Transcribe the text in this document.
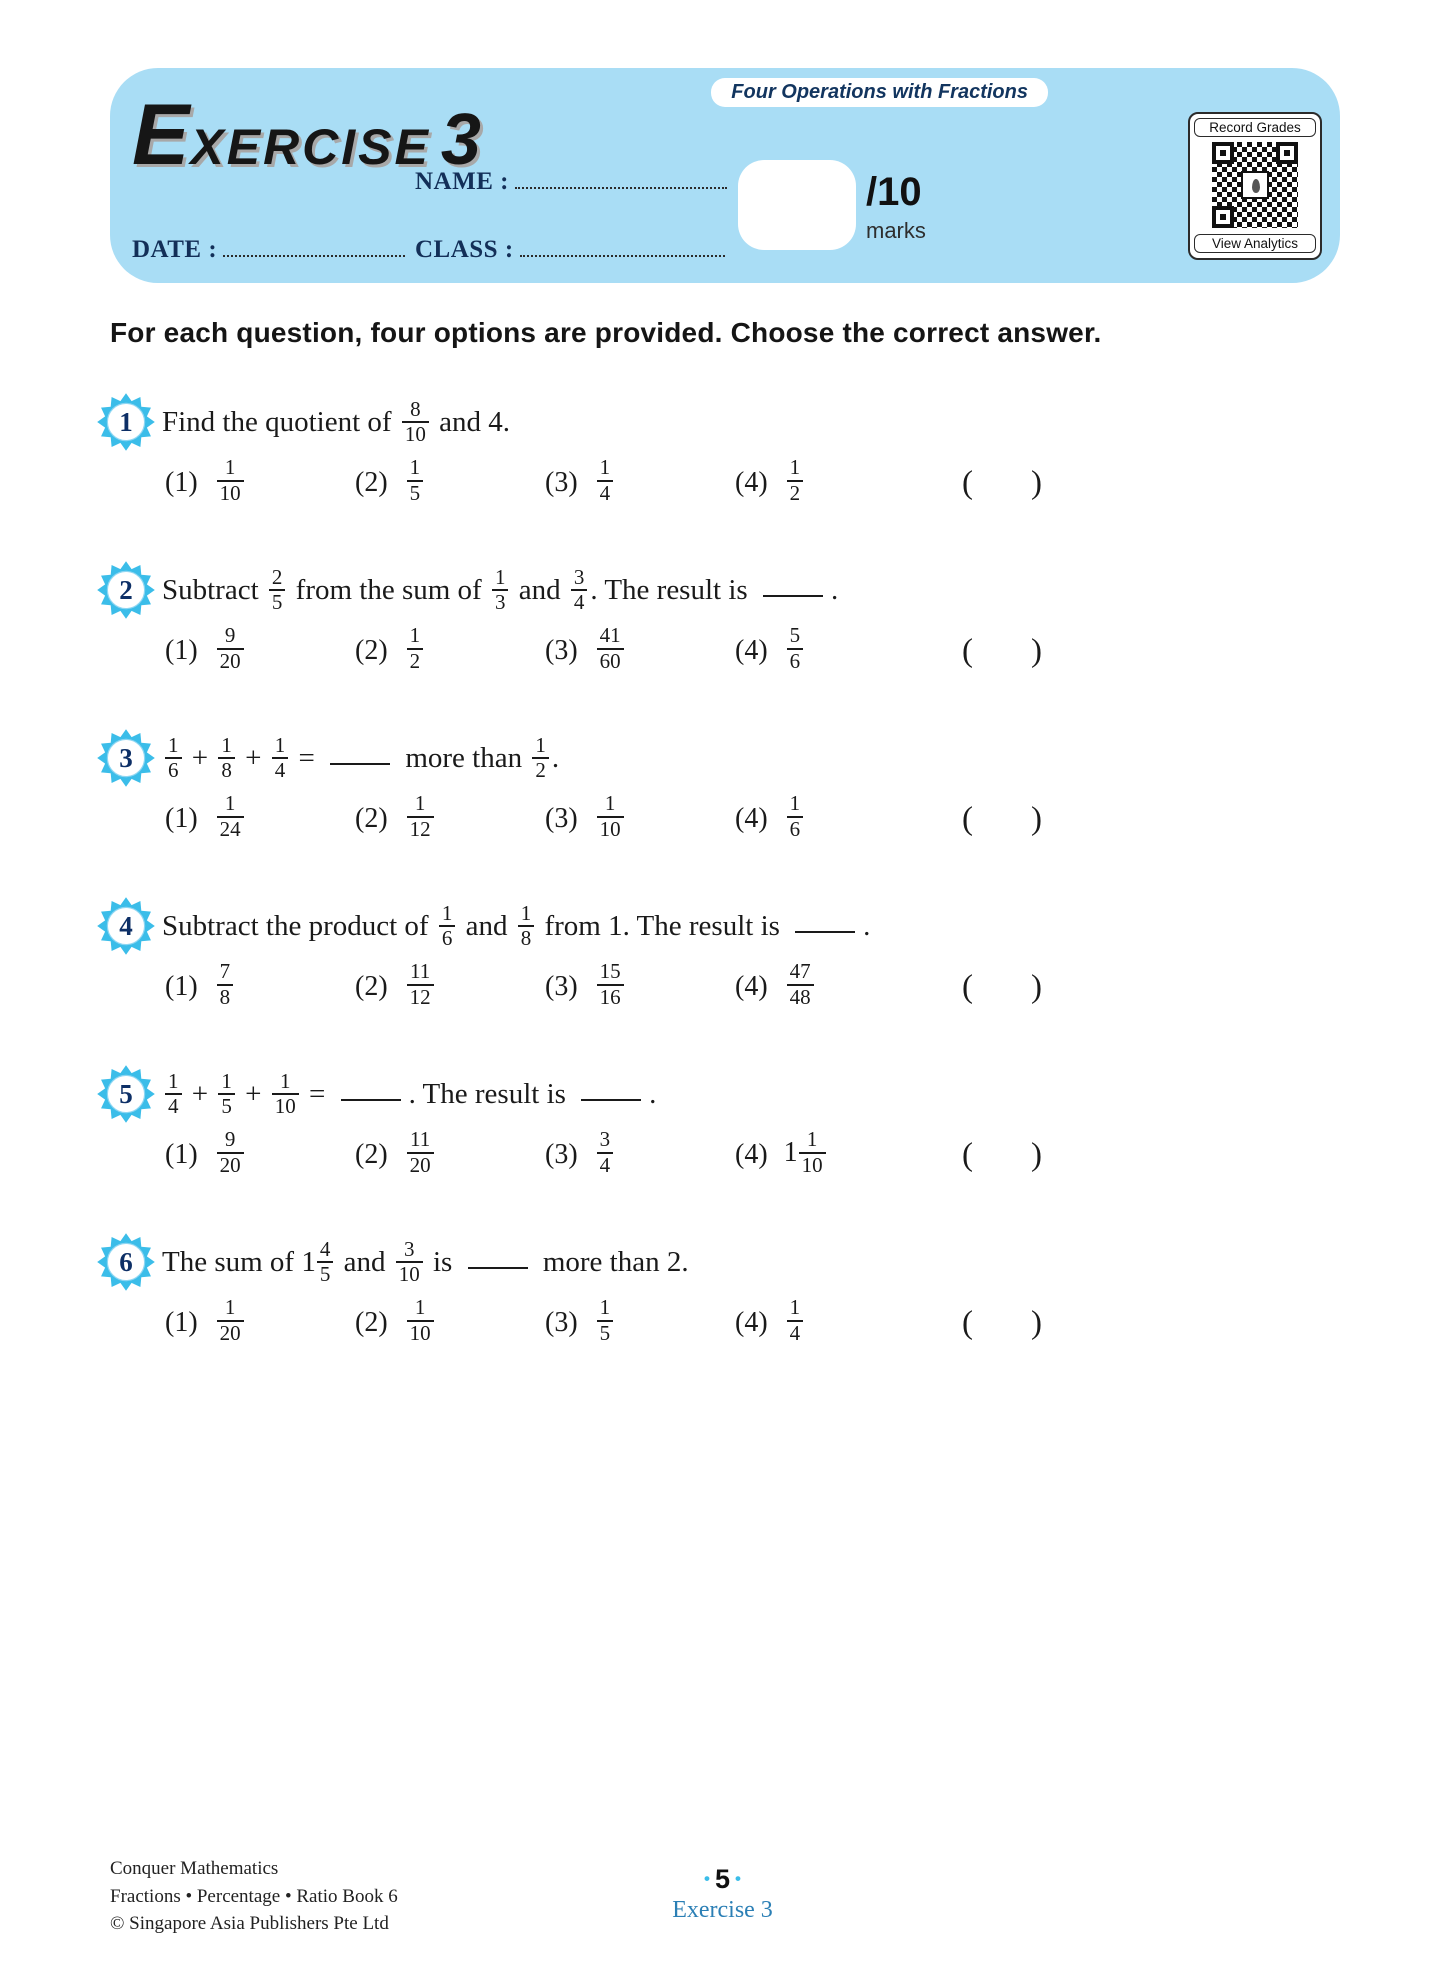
Four Operations with Fractions
EXERCISE 3
NAME :
DATE :	CLASS :
/10
marks
Record Grades
View Analytics
For each question, four options are provided. Choose the correct answer.
1	Find the quotient of $\frac{8}{10}$ and 4.
$(1) \frac{1}{10}$	$(2) \frac{1}{5}$	$(3) \frac{1}{4}$	$(4) \frac{1}{2}$	( )
2	Subtract $\frac{2}{5}$ from the sum of $\frac{1}{3}$ and $\frac{3}{4}$ . The result is	.
$(1) \frac{9}{20}$	$(2) \frac{1}{2}$	$(3) \frac{41}{60}$	$(4) \frac{5}{6}$	( )
3	$\frac{1}{6} + \frac{1}{8} + \frac{1}{4}$ =	more than $\frac{1}{2}$ .
$(1) \frac{1}{24}$	$(2) \frac{1}{12}$	$(3) \frac{1}{10}$	$(4) \frac{1}{6}$	( )
4	Subtract the product of $\frac{1}{6}$ and $\frac{1}{8}$ from 1. The result is	.
$(1) \frac{7}{8}$	$(2) \frac{11}{12}$	$(3) \frac{15}{16}$	$(4) \frac{47}{48}$	( )
5	$\frac{1}{4} + \frac{1}{5} + \frac{1}{10}$ =	. The result is	.
$(1) \frac{9}{20}$	$(2) \frac{11}{20}$	$(3) \frac{3}{4}$	(4) $1 \frac{1}{10}$	( )
6	The sum of $1 \frac{4}{5}$ and $\frac{3}{10}$ is	more than 2.
$(1) \frac{1}{20}$	$(2) \frac{1}{10}$	$(3) \frac{1}{5}$	$(4) \frac{1}{4}$	( )
Conquer Mathematics
Fractions • Percentage • Ratio Book 6
© Singapore Asia Publishers Pte Ltd
• 5 •
Exercise 3
